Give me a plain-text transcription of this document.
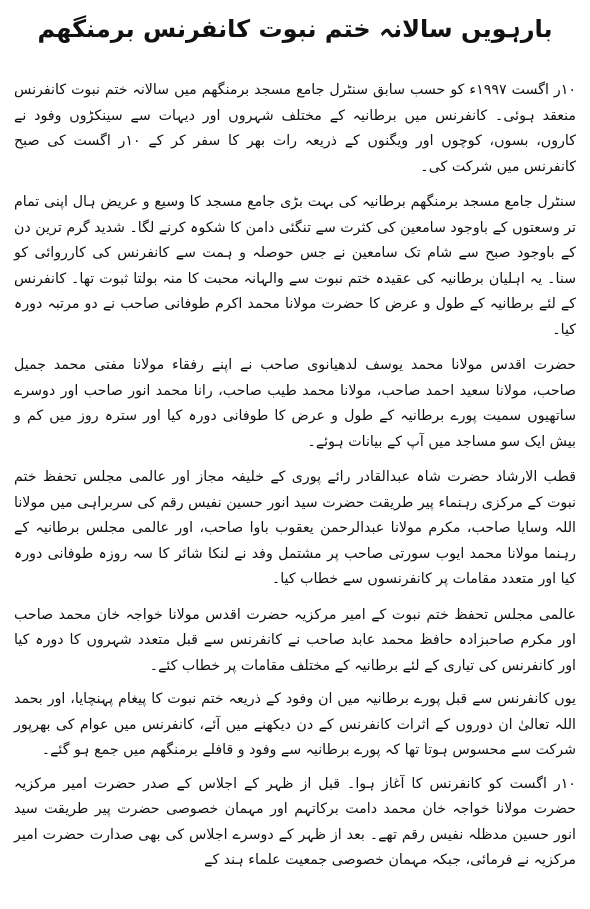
بارہویں سالانہ ختم نبوت کانفرنس برمنگھم

۱۰ر اگست ۱۹۹۷ء کو حسب سابق سنٹرل جامع مسجد برمنگھم میں سالانہ ختم نبوت کانفرنس منعقد ہوئی۔ کانفرنس میں برطانیہ کے مختلف شہروں اور دیہات سے سینکڑوں وفود نے کاروں، بسوں، کوچوں اور ویگنوں کے ذریعہ رات بھر کا سفر کر کے ۱۰ر اگست کی صبح کانفرنس میں شرکت کی۔

سنٹرل جامع مسجد برمنگھم برطانیہ کی بہت بڑی جامع مسجد کا وسیع و عریض ہال اپنی تمام تر وسعتوں کے باوجود سامعین کی کثرت سے تنگئی دامن کا شکوہ کرنے لگا۔ شدید گرم ترین دن کے باوجود صبح سے شام تک سامعین نے جس حوصلہ و ہمت سے کانفرنس کی کارروائی کو سنا۔ یہ اہلیان برطانیہ کی عقیدہ ختم نبوت سے والہانہ محبت کا منہ بولتا ثبوت تھا۔ کانفرنس کے لئے برطانیہ کے طول و عرض کا حضرت مولانا محمد اکرم طوفانی صاحب نے دو مرتبہ دورہ کیا۔

حضرت اقدس مولانا محمد یوسف لدھیانوی صاحب نے اپنے رفقاء مولانا مفتی محمد جمیل صاحب، مولانا سعید احمد صاحب، مولانا محمد طیب صاحب، رانا محمد انور صاحب اور دوسرے ساتھیوں سمیت پورے برطانیہ کے طول و عرض کا طوفانی دورہ کیا اور سترہ روز میں کم و بیش ایک سو مساجد میں آپ کے بیانات ہوئے۔

قطب الارشاد حضرت شاہ عبدالقادر رائے پوری کے خلیفہ مجاز اور عالمی مجلس تحفظ ختم نبوت کے مرکزی رہنماء پیر طریقت حضرت سید انور حسین نفیس رقم کی سربراہی میں مولانا اللہ وسایا صاحب، مکرم مولانا عبدالرحمن یعقوب باوا صاحب، اور عالمی مجلس برطانیہ کے رہنما مولانا محمد ایوب سورتی صاحب پر مشتمل وفد نے لنکا شائر کا سہ روزہ طوفانی دورہ کیا اور متعدد مقامات پر کانفرنسوں سے خطاب کیا۔

عالمی مجلس تحفظ ختم نبوت کے امیر مرکزیہ حضرت اقدس مولانا خواجہ خان محمد صاحب اور مکرم صاحبزادہ حافظ محمد عابد صاحب نے کانفرنس سے قبل متعدد شہروں کا دورہ کیا اور کانفرنس کی تیاری کے لئے برطانیہ کے مختلف مقامات پر خطاب کئے۔

یوں کانفرنس سے قبل پورے برطانیہ میں ان وفود کے ذریعہ ختم نبوت کا پیغام پہنچایا، اور بحمد اللہ تعالیٰ ان دوروں کے اثرات کانفرنس کے دن دیکھنے میں آئے، کانفرنس میں عوام کی بھرپور شرکت سے محسوس ہوتا تھا کہ پورے برطانیہ سے وفود و قافلے برمنگھم میں جمع ہو گئے۔

۱۰ر اگست کو کانفرنس کا آغاز ہوا۔ قبل از ظہر کے اجلاس کے صدر حضرت امیر مرکزیہ حضرت مولانا خواجہ خان محمد دامت برکاتہم اور مہمان خصوصی حضرت پیر طریقت سید انور حسین مدظلہ نفیس رقم تھے۔ بعد از ظہر کے دوسرے اجلاس کی بھی صدارت حضرت امیر مرکزیہ نے فرمائی، جبکہ مہمان خصوصی جمعیت علماء ہند کے
